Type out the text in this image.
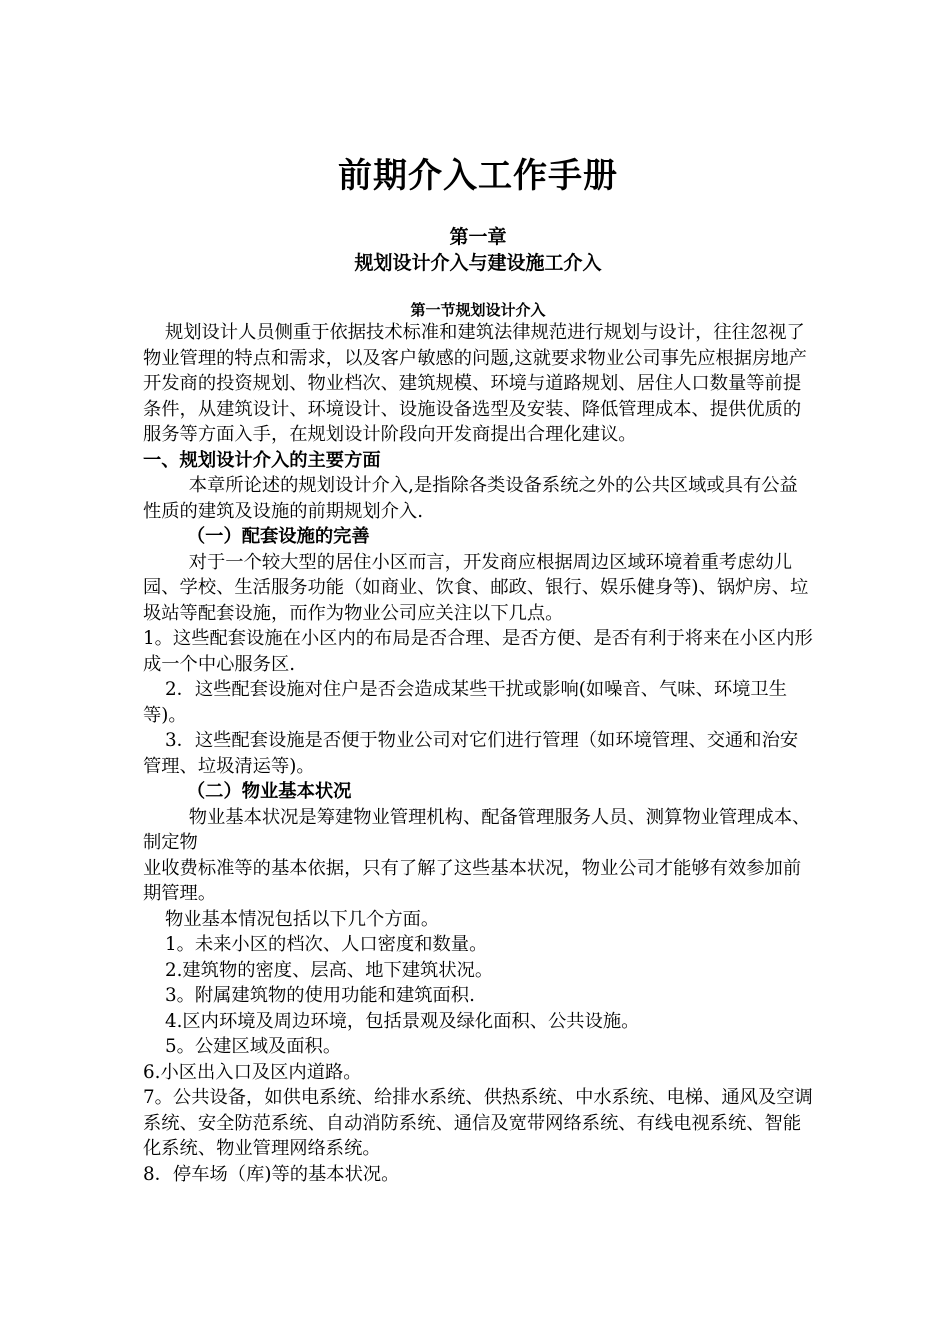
前期介入工作手册
第一章
规划设计介入与建设施工介入
第一节规划设计介入

规划设计人员侧重于依据技术标准和建筑法律规范进行规划与设计，往往忽视了物业管理的特点和需求，以及客户敏感的问题,这就要求物业公司事先应根据房地产开发商的投资规划、物业档次、建筑规模、环境与道路规划、居住人口数量等前提条件，从建筑设计、环境设计、设施设备选型及安装、降低管理成本、提供优质的服务等方面入手，在规划设计阶段向开发商提出合理化建议。

一、规划设计介入的主要方面

本章所论述的规划设计介入,是指除各类设备系统之外的公共区域或具有公益性质的建筑及设施的前期规划介入.

（一）配套设施的完善

对于一个较大型的居住小区而言，开发商应根据周边区域环境着重考虑幼儿园、学校、生活服务功能（如商业、饮食、邮政、银行、娱乐健身等)、锅炉房、垃圾站等配套设施，而作为物业公司应关注以下几点。

1。这些配套设施在小区内的布局是否合理、是否方便、是否有利于将来在小区内形成一个中心服务区.

2．这些配套设施对住户是否会造成某些干扰或影响(如噪音、气味、环境卫生等)。

3．这些配套设施是否便于物业公司对它们进行管理（如环境管理、交通和治安管理、垃圾清运等)。

（二）物业基本状况

物业基本状况是筹建物业管理机构、配备管理服务人员、测算物业管理成本、制定物

业收费标准等的基本依据，只有了解了这些基本状况，物业公司才能够有效参加前期管理。

物业基本情况包括以下几个方面。

1。未来小区的档次、人口密度和数量。

2.建筑物的密度、层高、地下建筑状况。

3。附属建筑物的使用功能和建筑面积.

4.区内环境及周边环境，包括景观及绿化面积、公共设施。

5。公建区域及面积。

6.小区出入口及区内道路。

7。公共设备，如供电系统、给排水系统、供热系统、中水系统、电梯、通风及空调系统、安全防范系统、自动消防系统、通信及宽带网络系统、有线电视系统、智能化系统、物业管理网络系统。

8．停车场（库)等的基本状况。
